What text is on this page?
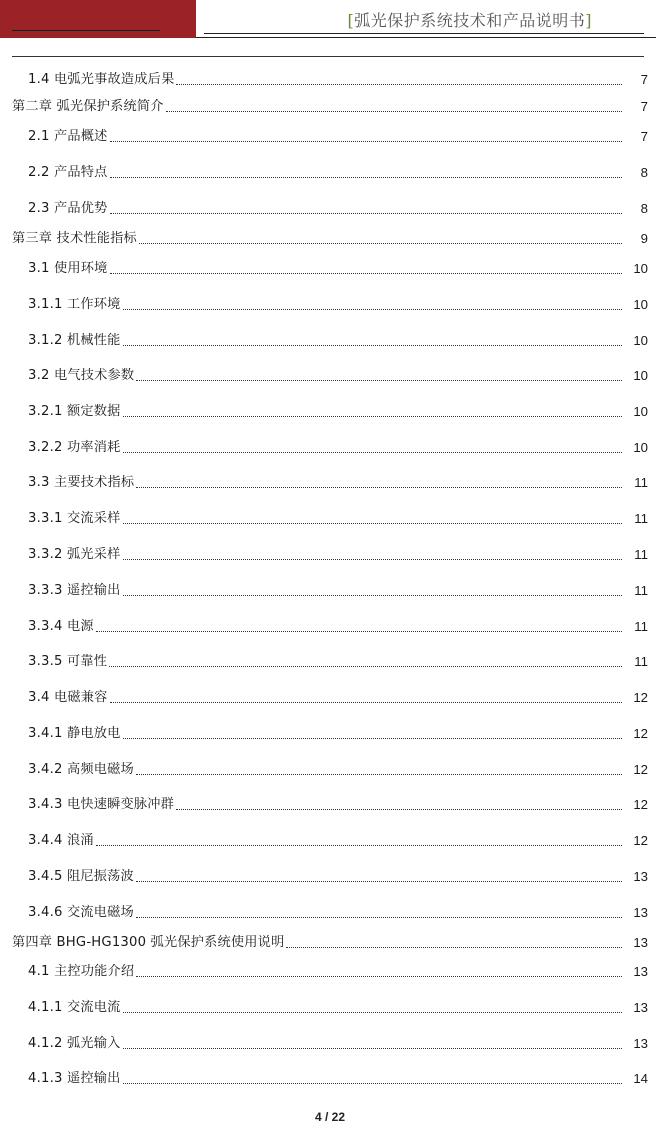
[弧光保护系统技术和产品说明书]
1.4 电弧光事故造成后果	7
第二章 弧光保护系统简介	7
2.1 产品概述	7
2.2 产品特点	8
2.3 产品优势	8
第三章 技术性能指标	9
3.1 使用环境	10
3.1.1 工作环境	10
3.1.2 机械性能	10
3.2 电气技术参数	10
3.2.1 额定数据	10
3.2.2 功率消耗	10
3.3 主要技术指标	11
3.3.1 交流采样	11
3.3.2 弧光采样	11
3.3.3 遥控输出	11
3.3.4 电源	11
3.3.5 可靠性	11
3.4 电磁兼容	12
3.4.1 静电放电	12
3.4.2 高频电磁场	12
3.4.3 电快速瞬变脉冲群	12
3.4.4 浪涌	12
3.4.5 阻尼振荡波	13
3.4.6 交流电磁场	13
第四章 BHG-HG1300 弧光保护系统使用说明	13
4.1 主控功能介绍	13
4.1.1 交流电流	13
4.1.2 弧光输入	13
4.1.3 遥控输出	14
4 / 22
